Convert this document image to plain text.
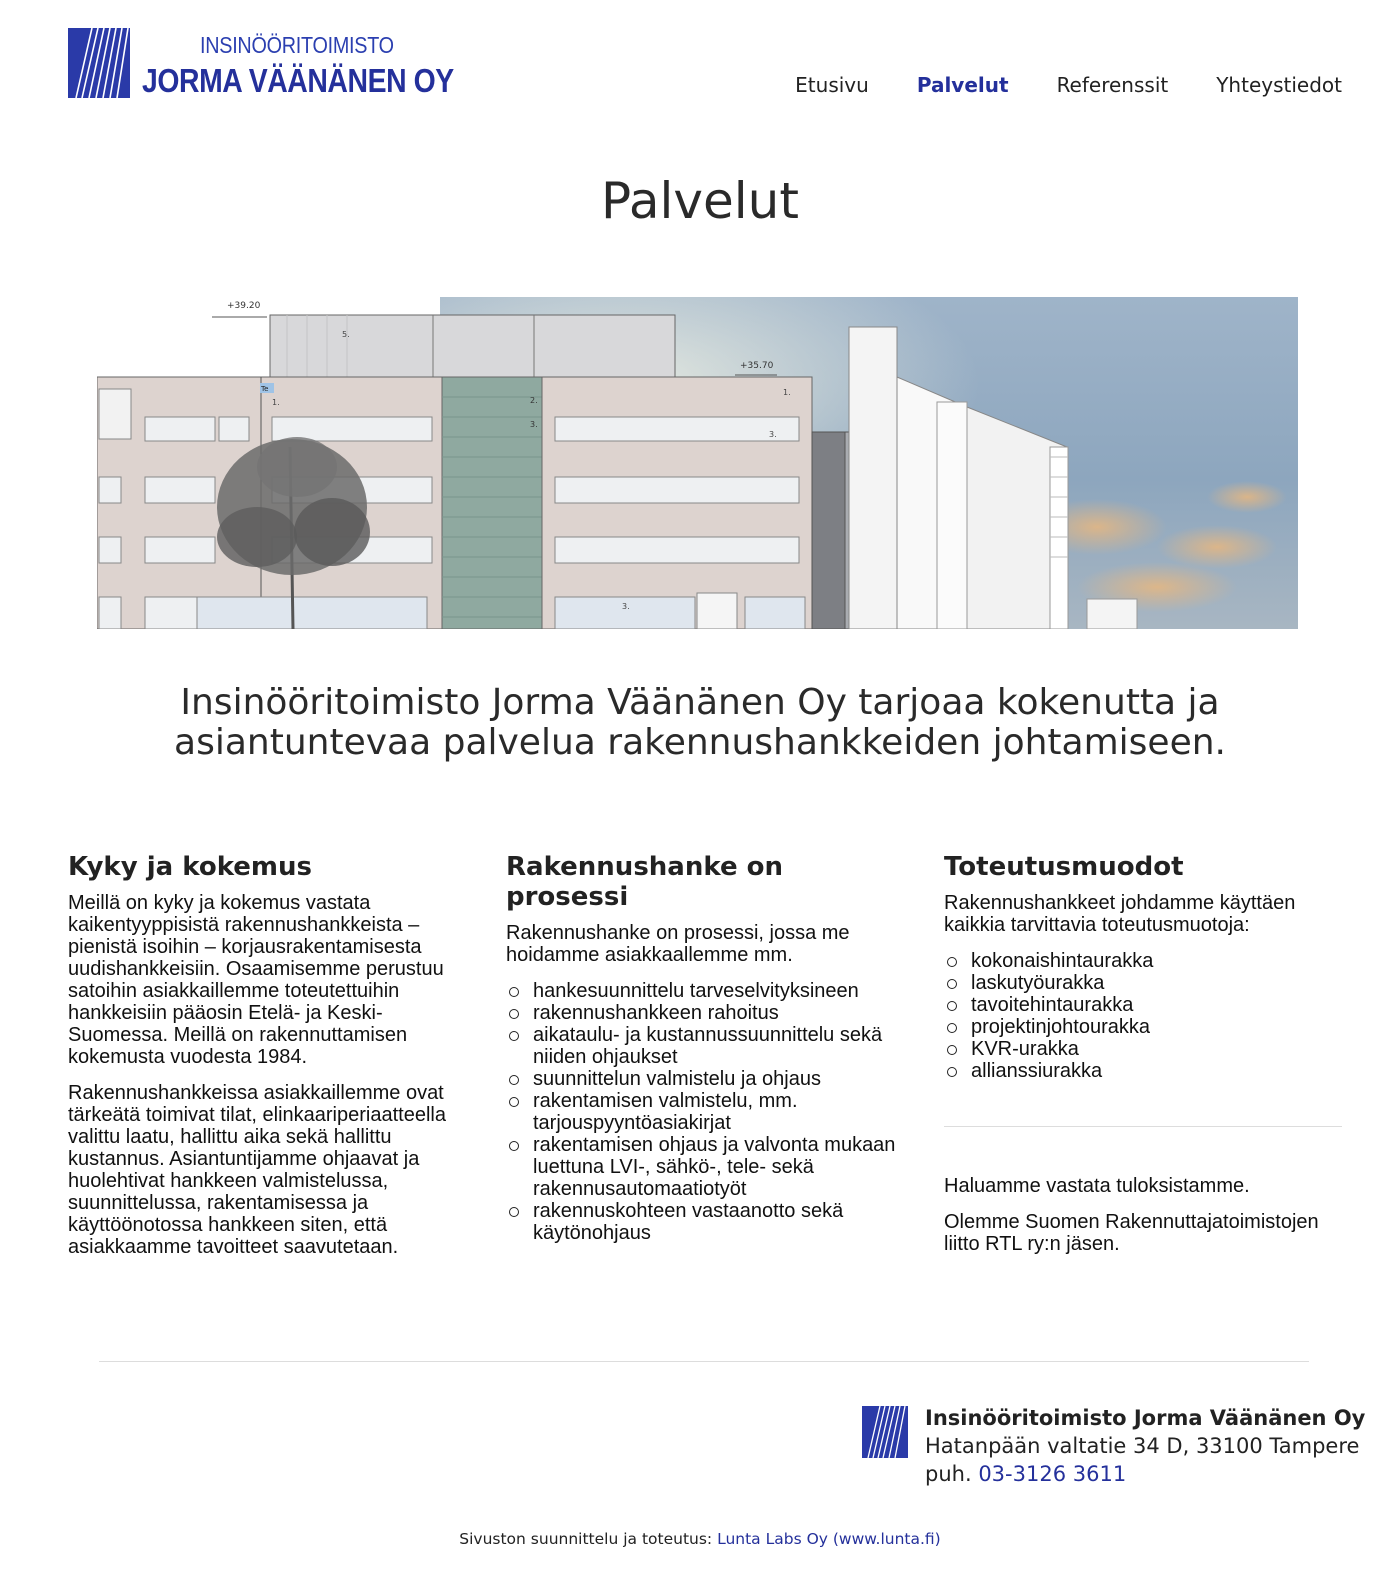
INSINÖÖRITOIMISTO
JORMA VÄÄNÄNEN OY	Etusivu Palvelut Referenssit Yhteystiedot
Palvelut
5.
+39.20
+35.70
1.
Te
2.
3.
1.
3.
3.
Insinööritoimisto Jorma Väänänen Oy tarjoaa kokenutta ja asiantuntevaa palvelua rakennushankkeiden johtamiseen.
Kyky ja kokemus

Meillä on kyky ja kokemus vastata kaikentyyppisistä rakennushankkeista – pienistä isoihin – korjausrakentamisesta uudishankkeisiin. Osaamisemme perustuu satoihin asiakkaillemme toteutettuihin hankkeisiin pääosin Etelä- ja Keski-Suomessa. Meillä on rakennuttamisen kokemusta vuodesta 1984.

Rakennushankkeissa asiakkaillemme ovat tärkeätä toimivat tilat, elinkaariperiaatteella valittu laatu, hallittu aika sekä hallittu kustannus. Asiantuntijamme ohjaavat ja huolehtivat hankkeen valmistelussa, suunnittelussa, rakentamisessa ja käyttöönotossa hankkeen siten, että asiakkaamme tavoitteet saavutetaan.

Rakennushanke on prosessi

Rakennushanke on prosessi, jossa me hoidamme asiakkaallemme mm.

hankesuunnittelu tarveselvityksineen
rakennushankkeen rahoitus
aikataulu- ja kustannussuunnittelu sekä niiden ohjaukset
suunnittelun valmistelu ja ohjaus
rakentamisen valmistelu, mm. tarjouspyyntöasiakirjat
rakentamisen ohjaus ja valvonta mukaan luettuna LVI-, sähkö-, tele- sekä rakennusautomaatiotyöt
rakennuskohteen vastaanotto sekä käytönohjaus
Toteutusmuodot

Rakennushankkeet johdamme käyttäen kaikkia tarvittavia toteutusmuotoja:

kokonaishintaurakka
laskutyöurakka
tavoitehintaurakka
projektinjohtourakka
KVR-urakka
allianssiurakka

Haluamme vastata tuloksistamme.

Olemme Suomen Rakennuttajatoimistojen liitto RTL ry:n jäsen.

Insinööritoimisto Jorma Väänänen Oy
Hatanpään valtatie 34 D, 33100 Tampere
puh. 03-3126 3611
Sivuston suunnittelu ja toteutus: Lunta Labs Oy (www.lunta.fi)
